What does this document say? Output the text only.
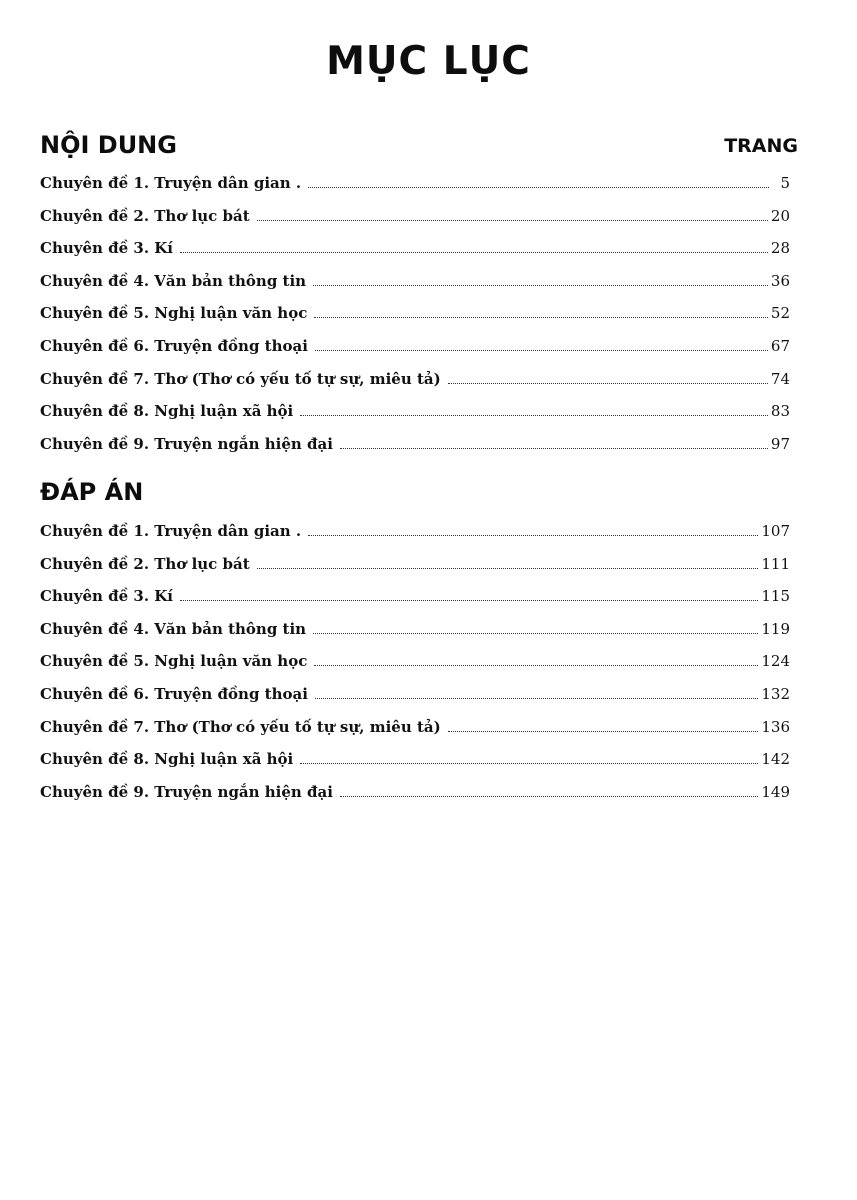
MỤC LỤC
NỘI DUNG	TRANG
Chuyên đề 1. Truyện dân gian .	5
Chuyên đề 2. Thơ lục bát	20
Chuyên đề 3. Kí	28
Chuyên đề 4. Văn bản thông tin	36
Chuyên đề 5. Nghị luận văn học	52
Chuyên đề 6. Truyện đồng thoại	67
Chuyên đề 7. Thơ (Thơ có yếu tố tự sự, miêu tả)	74
Chuyên đề 8. Nghị luận xã hội	83
Chuyên đề 9. Truyện ngắn hiện đại	97
ĐÁP ÁN
Chuyên đề 1. Truyện dân gian .	107
Chuyên đề 2. Thơ lục bát	111
Chuyên đề 3. Kí	115
Chuyên đề 4. Văn bản thông tin	119
Chuyên đề 5. Nghị luận văn học	124
Chuyên đề 6. Truyện đồng thoại	132
Chuyên đề 7. Thơ (Thơ có yếu tố tự sự, miêu tả)	136
Chuyên đề 8. Nghị luận xã hội	142
Chuyên đề 9. Truyện ngắn hiện đại	149
